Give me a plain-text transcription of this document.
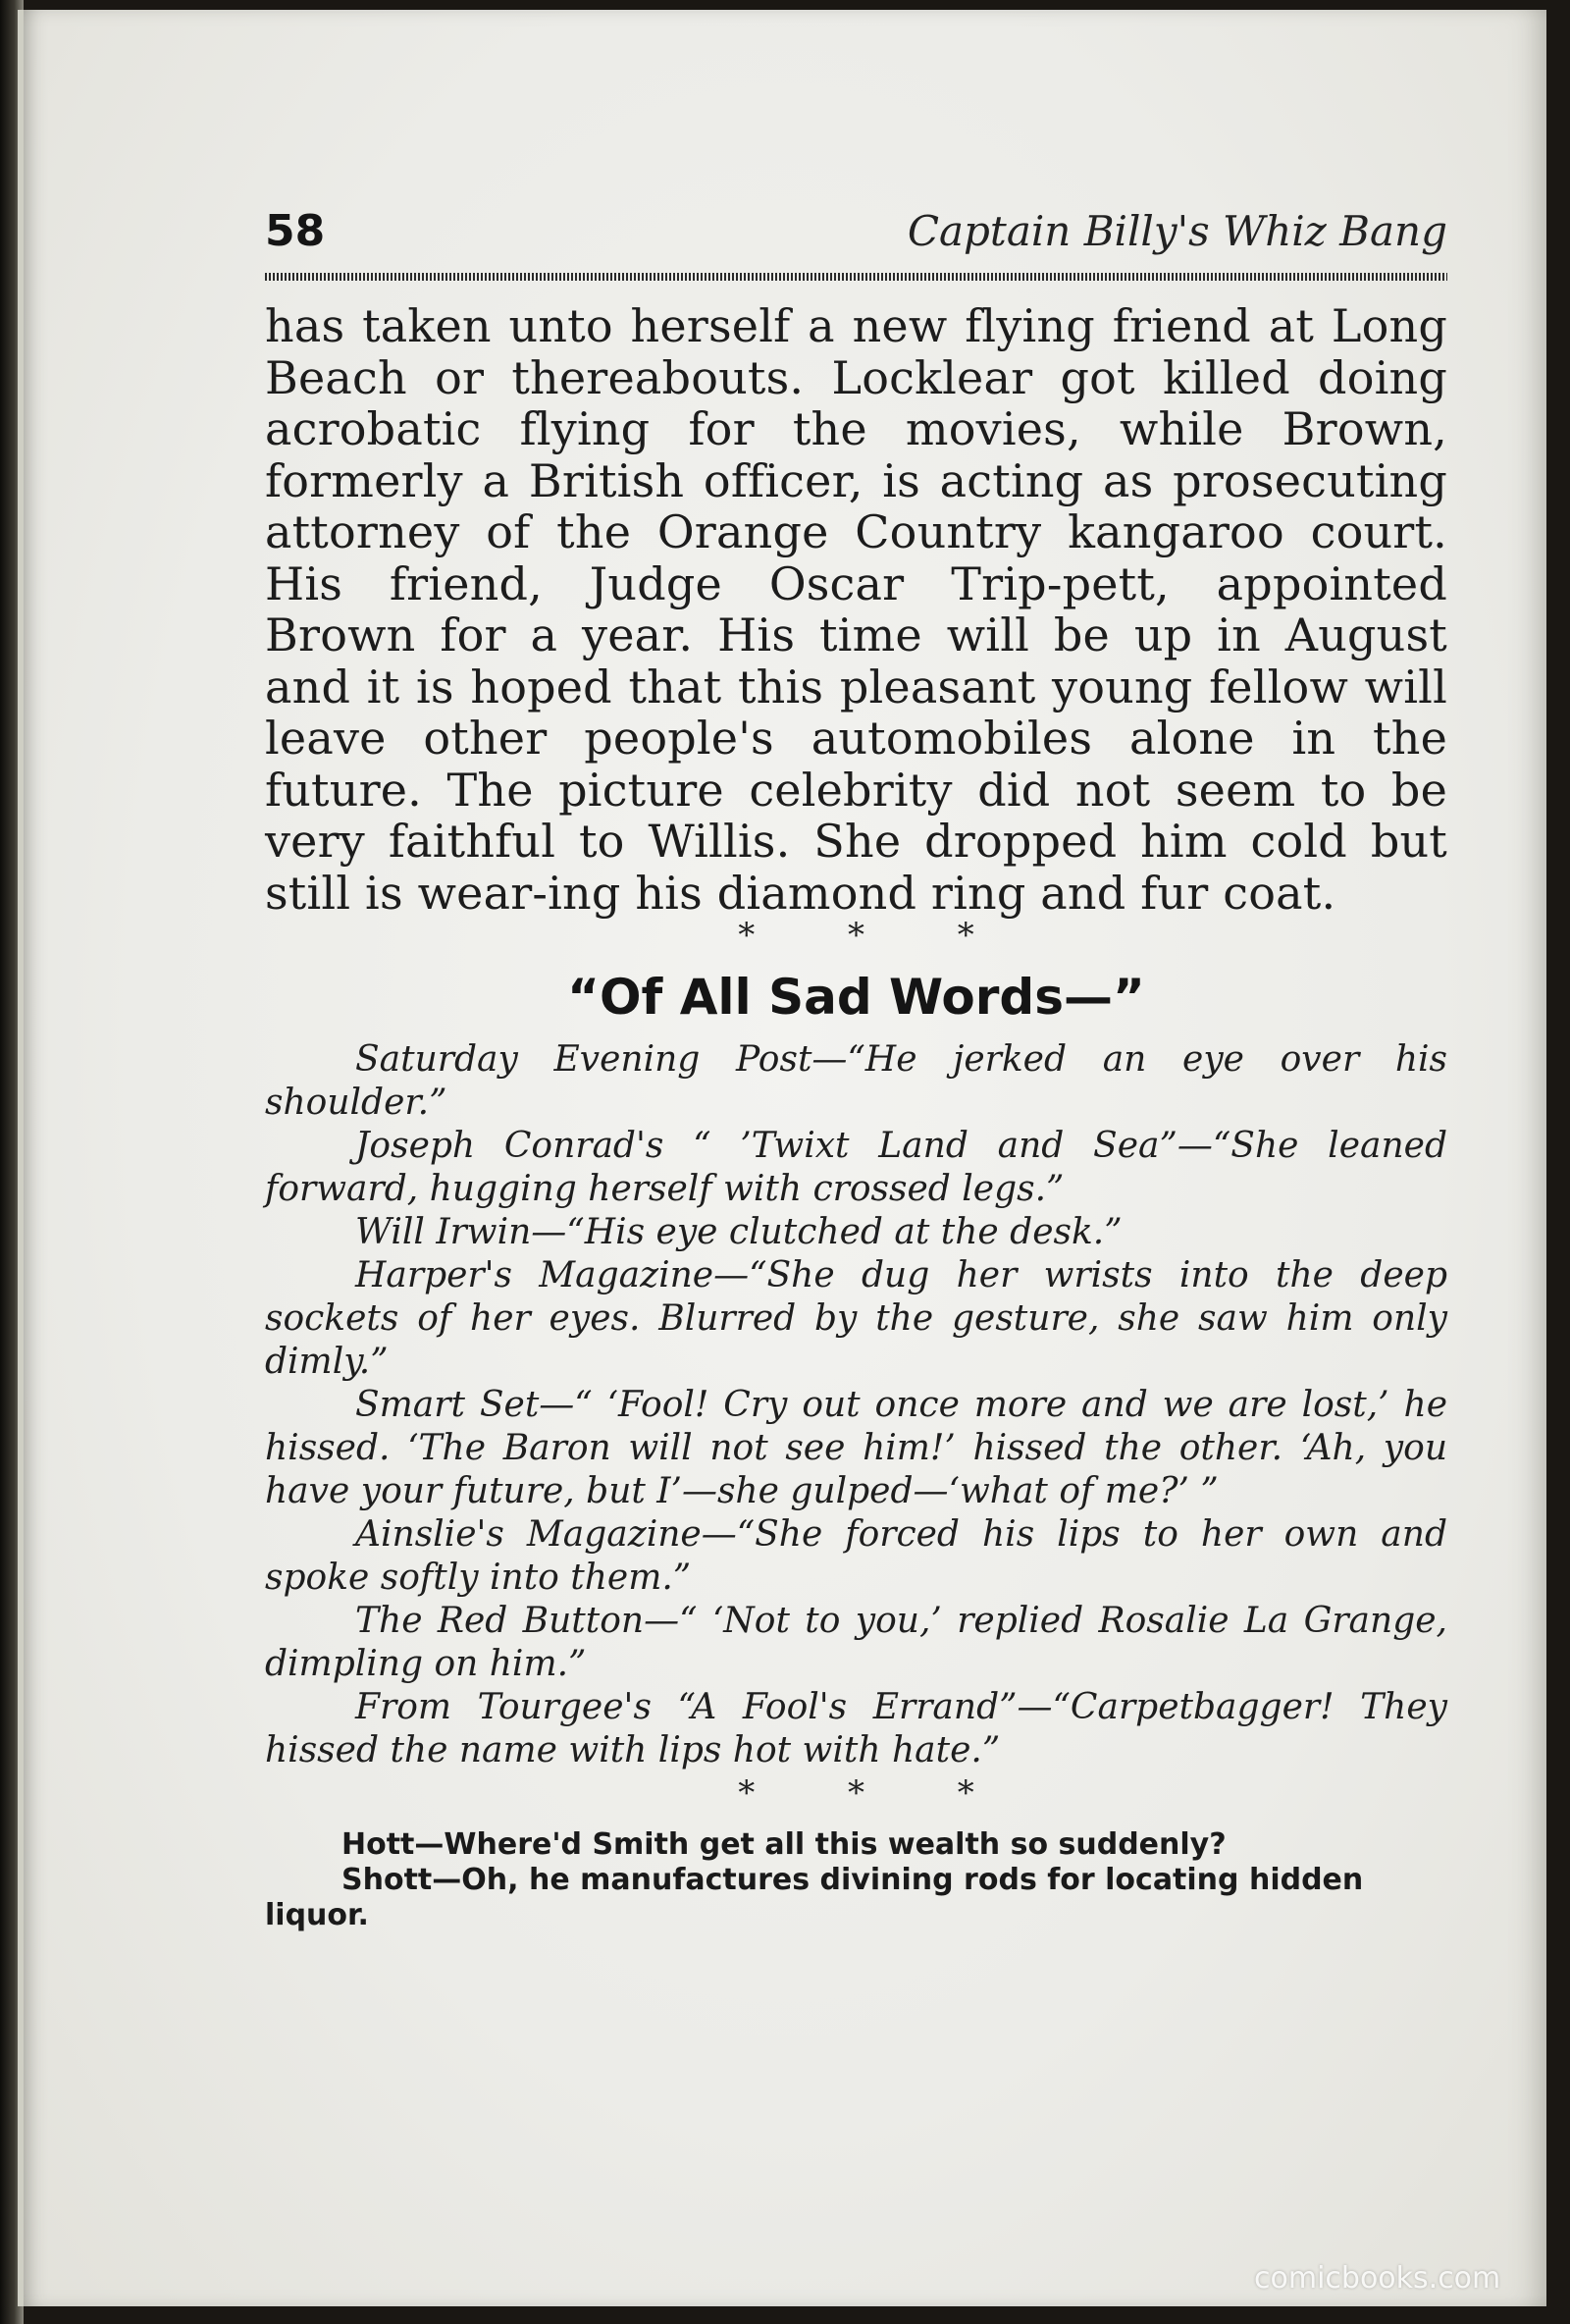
58	Captain Billy's Whiz Bang

has taken unto herself a new flying friend at Long Beach or thereabouts. Locklear got killed doing acrobatic flying for the movies, while Brown, formerly a British officer, is acting as prosecuting attorney of the Orange Country kangaroo court. His friend, Judge Oscar Trip-pett, appointed Brown for a year. His time will be up in August and it is hoped that this pleasant young fellow will leave other people's automobiles alone in the future. The picture celebrity did not seem to be very faithful to Willis. She dropped him cold but still is wear-ing his diamond ring and fur coat.

* * *
“Of All Sad Words—”

Saturday Evening Post—“He jerked an eye over his shoulder.”

Joseph Conrad's “ ’Twixt Land and Sea”—“She leaned forward, hugging herself with crossed legs.”

Will Irwin—“His eye clutched at the desk.”

Harper's Magazine—“She dug her wrists into the deep sockets of her eyes. Blurred by the gesture, she saw him only dimly.”

Smart Set—“ ‘Fool! Cry out once more and we are lost,’ he hissed. ‘The Baron will not see him!’ hissed the other. ‘Ah, you have your future, but I’—she gulped—‘what of me?’ ”

Ainslie's Magazine—“She forced his lips to her own and spoke softly into them.”

The Red Button—“ ‘Not to you,’ replied Rosalie La Grange, dimpling on him.”

From Tourgee's “A Fool's Errand”—“Carpetbagger! They hissed the name with lips hot with hate.”

* * *

Hott—Where'd Smith get all this wealth so suddenly?

Shott—Oh, he manufactures divining rods for locating hidden liquor.

comicbooks.com
